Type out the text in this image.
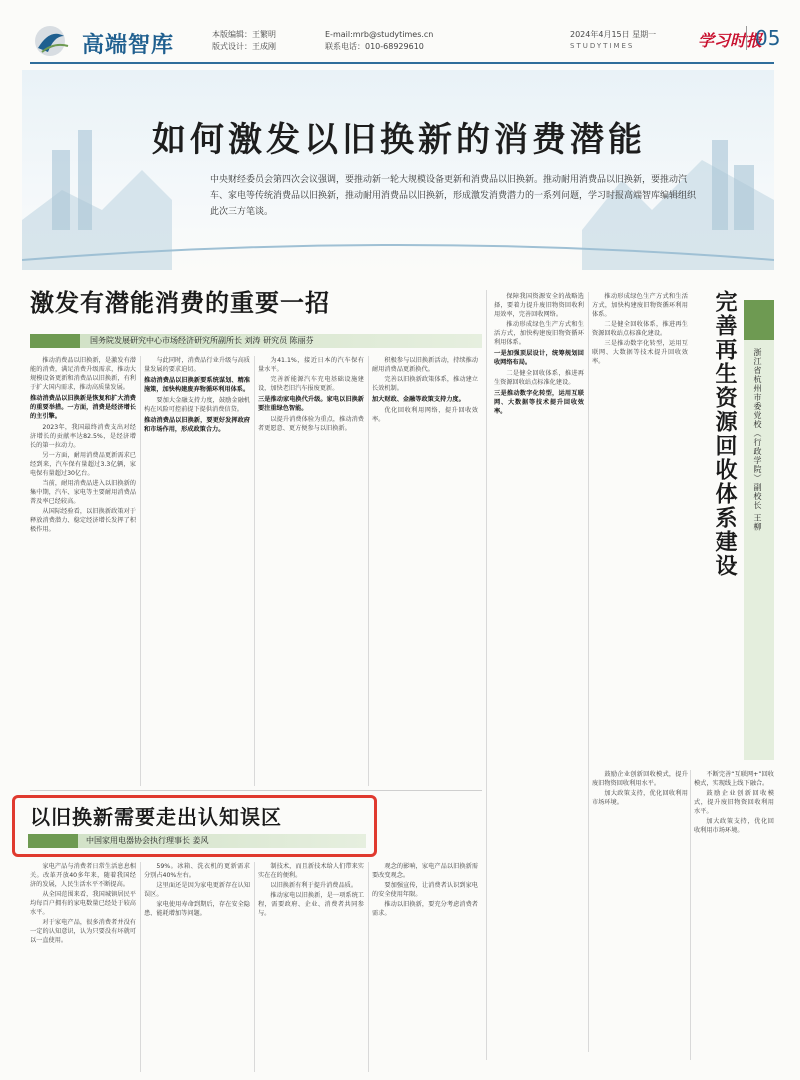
高端智库	本版编辑：王繁明
版式设计：王成刚
E-mail:mrb@studytimes.cn
联系电话：010-68929610
2024年4月15日 星期一
STUDYTIMES	学习时报
05
如何激发以旧换新的消费潜能
中央财经委员会第四次会议强调，要推动新一轮大规模设备更新和消费品以旧换新。推动耐用消费品以旧换新，要推动汽车、家电等传统消费品以旧换新，推动耐用消费品以旧换新，形成激发消费潜力的一系列问题，学习时报高端智库编辑组织此次三方笔谈。
激发有潜能消费的重要一招
国务院发展研究中心市场经济研究所副所长 刘涛 研究员 陈丽芬

推动消费品以旧换新，是激发有潜能的消费，满足消费升级需求，推动大规模设备更新和消费品以旧换新，有利于扩大国内需求，推动高质量发展。

推动消费品以旧换新是恢复和扩大消费的重要举措。一方面，消费是经济增长的主引擎。

2023年，我国最终消费支出对经济增长的贡献率达82.5%，是经济增长的第一拉动力。

另一方面，耐用消费品更新需求已经到来，汽车保有量超过3.3亿辆，家电保有量超过30亿台。

当前，耐用消费品进入以旧换新的集中期，汽车、家电等主要耐用消费品普及率已经较高。

从国际经验看，以旧换新政策对于释放消费潜力、稳定经济增长发挥了积极作用。

与此同时，消费品行业升级与高质量发展的要求迫切。

推动消费品以旧换新要系统谋划、精准施策，加快构建废弃物循环利用体系。

要加大金融支持力度，鼓励金融机构在风险可控前提下提供消费信贷。

推动消费品以旧换新，要更好发挥政府和市场作用，形成政策合力。

为41.1%，接近日本的汽车保有量水平。

完善新能源汽车充电基础设施建设，加快老旧汽车报废更新。

三是推动家电换代升级。家电以旧换新要注重绿色智能。

以提升消费体验为重点，推动消费者更愿意、更方便参与以旧换新。

积极参与以旧换新活动，持续推动耐用消费品更新换代。

完善以旧换新政策体系，推动建立长效机制。

加大财政、金融等政策支持力度。

优化回收利用网络，提升回收效率。

保障我国资源安全的战略选择，要着力提升废旧物资回收利用效率，完善回收网络。

推动形成绿色生产方式和生活方式，加快构建废旧物资循环利用体系。

一是加强顶层设计，统筹规划回收网络布局。

二是健全回收体系，推进再生资源回收站点标准化建设。

三是推动数字化转型，运用互联网、大数据等技术提升回收效率。

推动形成绿色生产方式和生活方式，加快构建废旧物资循环利用体系。

二是健全回收体系，推进再生资源回收站点标准化建设。

三是推动数字化转型，运用互联网、大数据等技术提升回收效率。	完善再生资源回收体系建设 浙江省杭州市委党校（行政学院）副校长 王柳

不断完善“互联网+”回收模式，实现线上线下融合。

鼓励企业创新回收模式，提升废旧物资回收利用水平。

加大政策支持，优化回收利用市场环境。

鼓励企业创新回收模式，提升废旧物资回收利用水平。

加大政策支持，优化回收利用市场环境。

以旧换新需要走出认知误区
中国家用电器协会执行理事长 姜风

家电产品与消费者日常生活息息相关。改革开放40多年来，随着我国经济的发展，人民生活水平不断提高。

从全国范围来看，我国城镇居民平均每百户拥有的家电数量已经处于较高水平。

对于家电产品，很多消费者并没有一定的认知意识，认为只要没有坏就可以一直使用。

59%。冰箱、洗衣机的更新需求分别占40%左右。

这里面还是因为家电更新存在认知误区。

家电使用寿命到期后，存在安全隐患、能耗增加等问题。

制技术，而且新技术给人们带来实实在在的便利。

以旧换新有利于提升消费品质。

推动家电以旧换新，是一项系统工程，需要政府、企业、消费者共同参与。

观念的影响，家电产品以旧换新需要改变观念。

要加强宣传，让消费者认识到家电的安全使用年限。

推动以旧换新，要充分考虑消费者需求。
